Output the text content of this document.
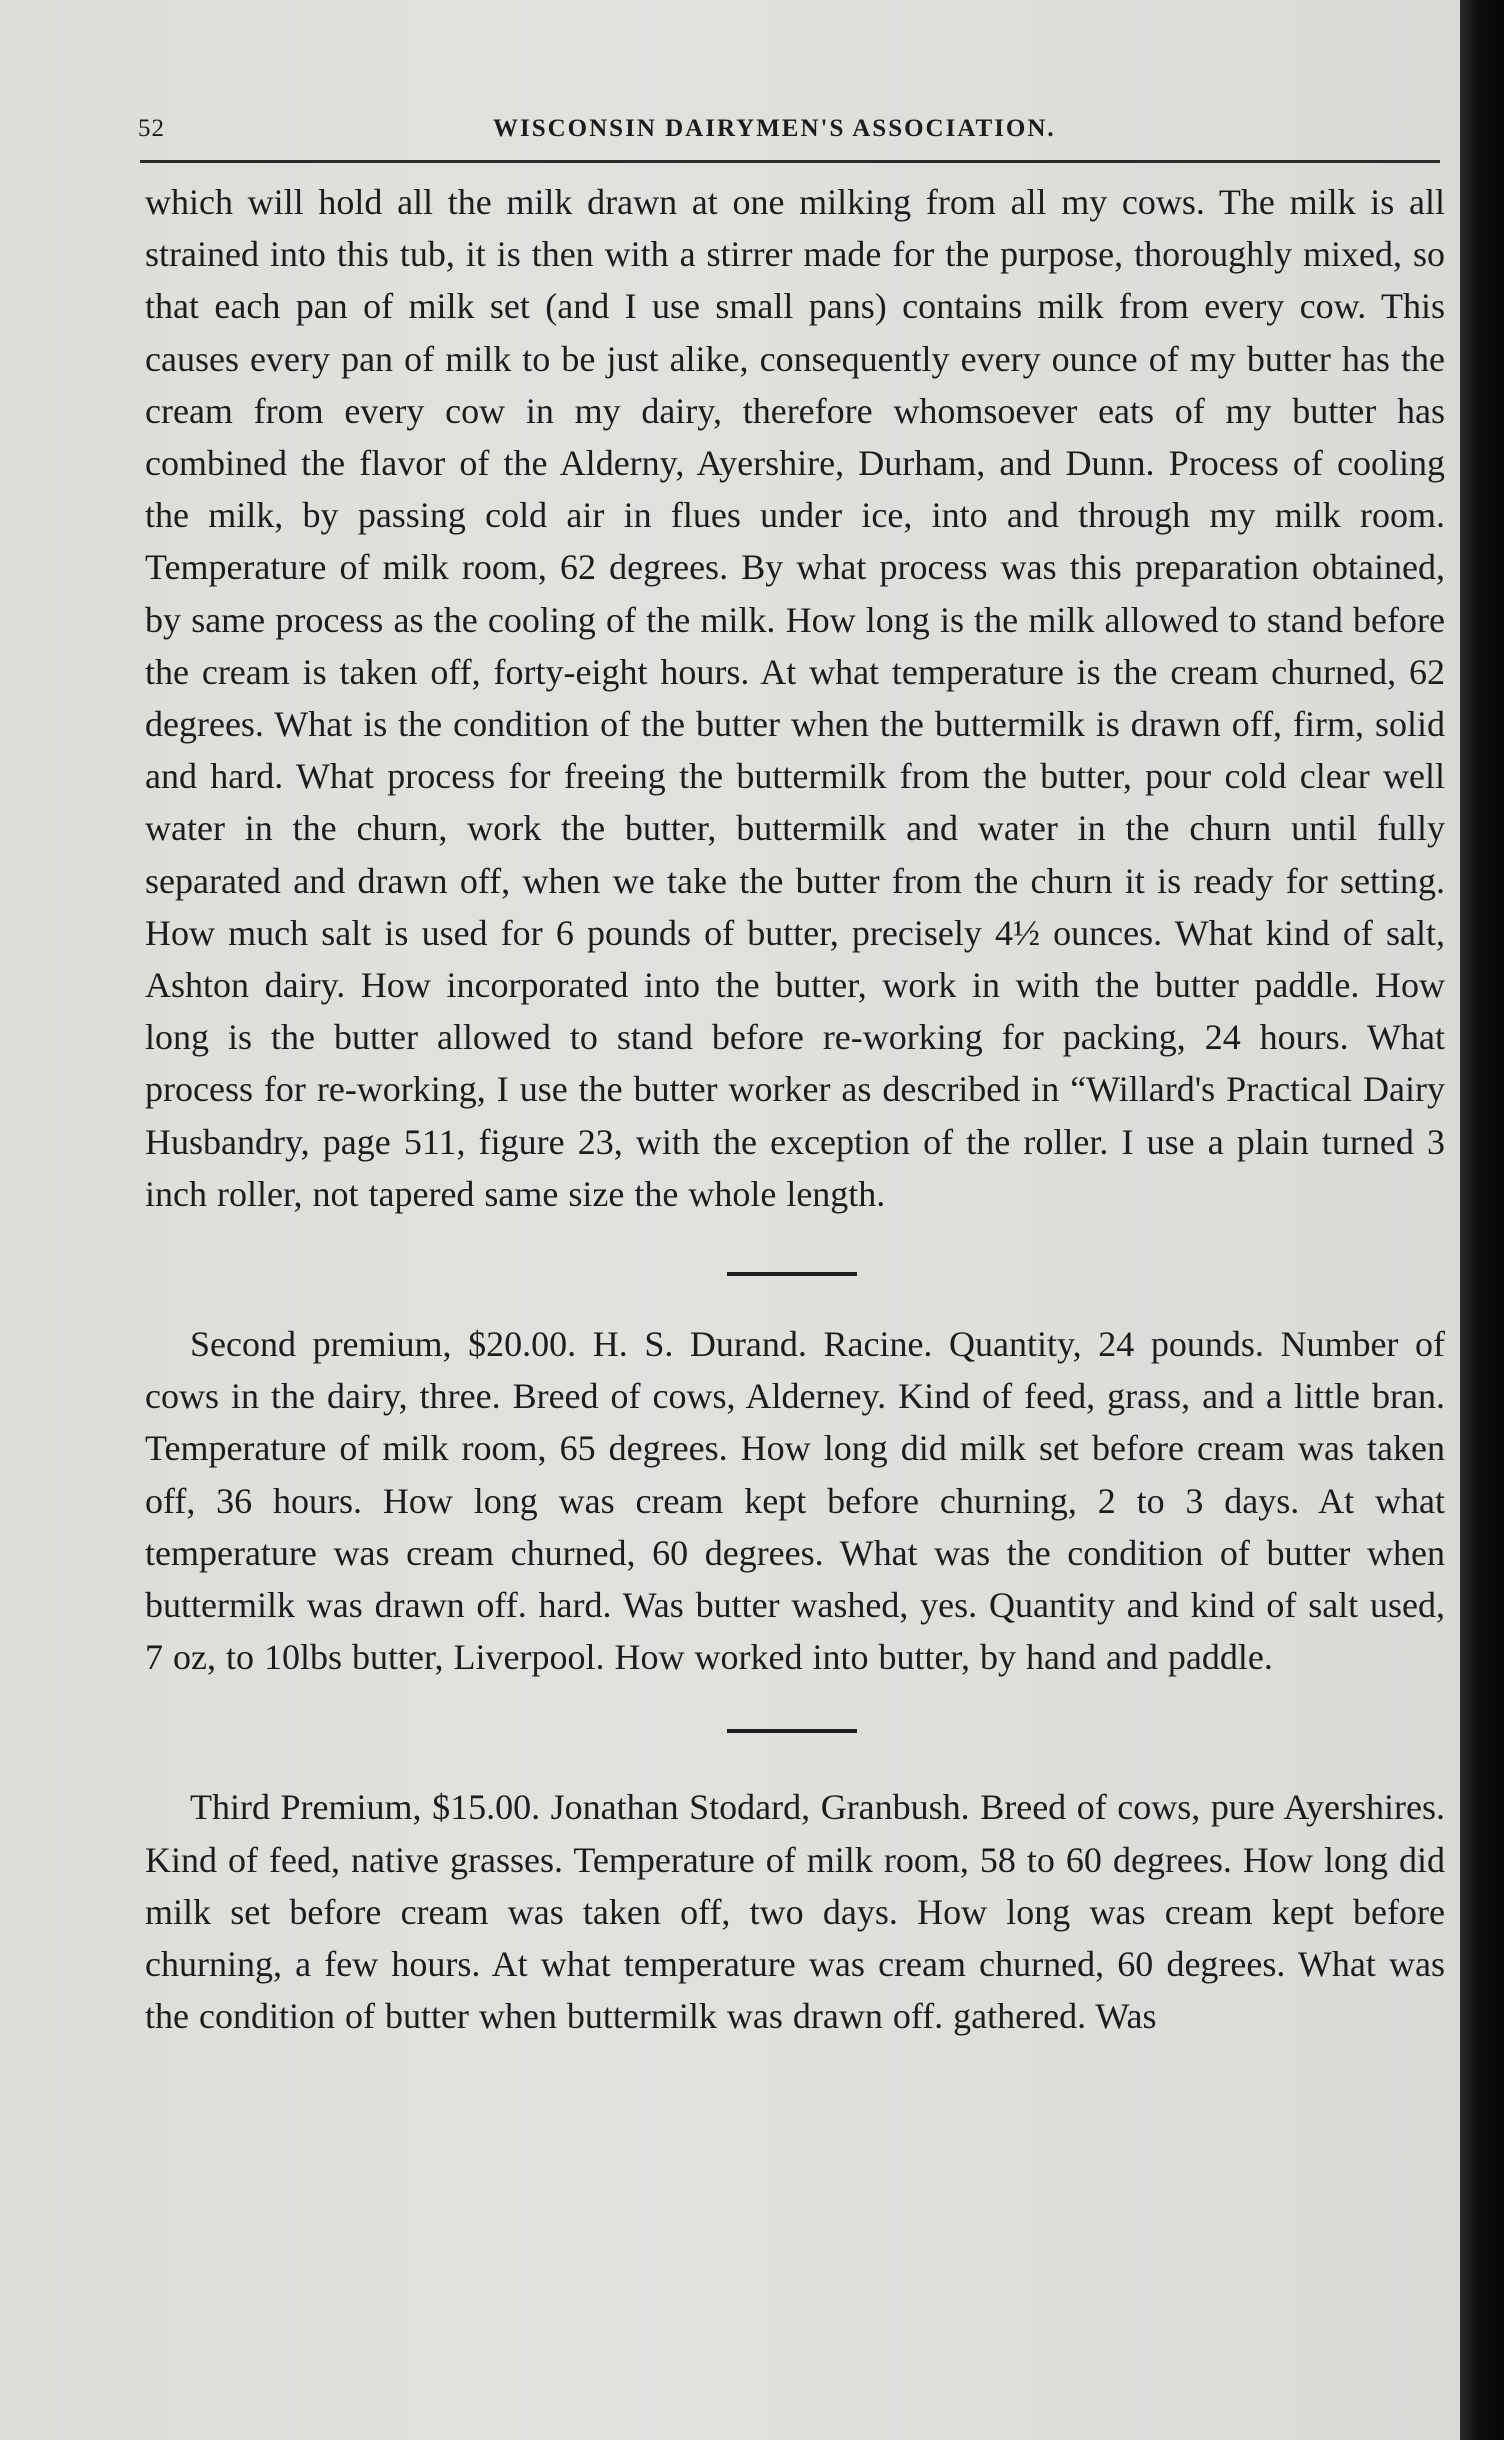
52	WISCONSIN DAIRYMEN'S ASSOCIATION.

which will hold all the milk drawn at one milking from all my cows. The milk is all strained into this tub, it is then with a stirrer made for the purpose, thoroughly mixed, so that each pan of milk set (and I use small pans) contains milk from every cow. This causes every pan of milk to be just alike, consequently every ounce of my butter has the cream from every cow in my dairy, therefore whomsoever eats of my butter has combined the flavor of the Alderny, Ayershire, Durham, and Dunn. Process of cooling the milk, by passing cold air in flues under ice, into and through my milk room. Temperature of milk room, 62 degrees. By what process was this preparation obtained, by same process as the cooling of the milk. How long is the milk allowed to stand before the cream is taken off, forty-eight hours. At what temperature is the cream churned, 62 degrees. What is the condition of the butter when the buttermilk is drawn off, firm, solid and hard. What process for freeing the buttermilk from the butter, pour cold clear well water in the churn, work the butter, buttermilk and water in the churn until fully separated and drawn off, when we take the butter from the churn it is ready for setting. How much salt is used for 6 pounds of butter, precisely 4½ ounces. What kind of salt, Ashton dairy. How incorporated into the butter, work in with the butter paddle. How long is the butter allowed to stand before re-working for packing, 24 hours. What process for re-working, I use the butter worker as described in “Willard's Practical Dairy Husbandry, page 511, figure 23, with the exception of the roller. I use a plain turned 3 inch roller, not tapered same size the whole length.

Second premium, $20.00. H. S. Durand. Racine. Quantity, 24 pounds. Number of cows in the dairy, three. Breed of cows, Alderney. Kind of feed, grass, and a little bran. Temperature of milk room, 65 degrees. How long did milk set before cream was taken off, 36 hours. How long was cream kept before churning, 2 to 3 days. At what temperature was cream churned, 60 degrees. What was the condition of butter when buttermilk was drawn off. hard. Was butter washed, yes. Quantity and kind of salt used, 7 oz, to 10lbs butter, Liverpool. How worked into butter, by hand and paddle.

Third Premium, $15.00. Jonathan Stodard, Granbush. Breed of cows, pure Ayershires. Kind of feed, native grasses. Temperature of milk room, 58 to 60 degrees. How long did milk set before cream was taken off, two days. How long was cream kept before churning, a few hours. At what temperature was cream churned, 60 degrees. What was the condition of butter when buttermilk was drawn off. gathered. Was
